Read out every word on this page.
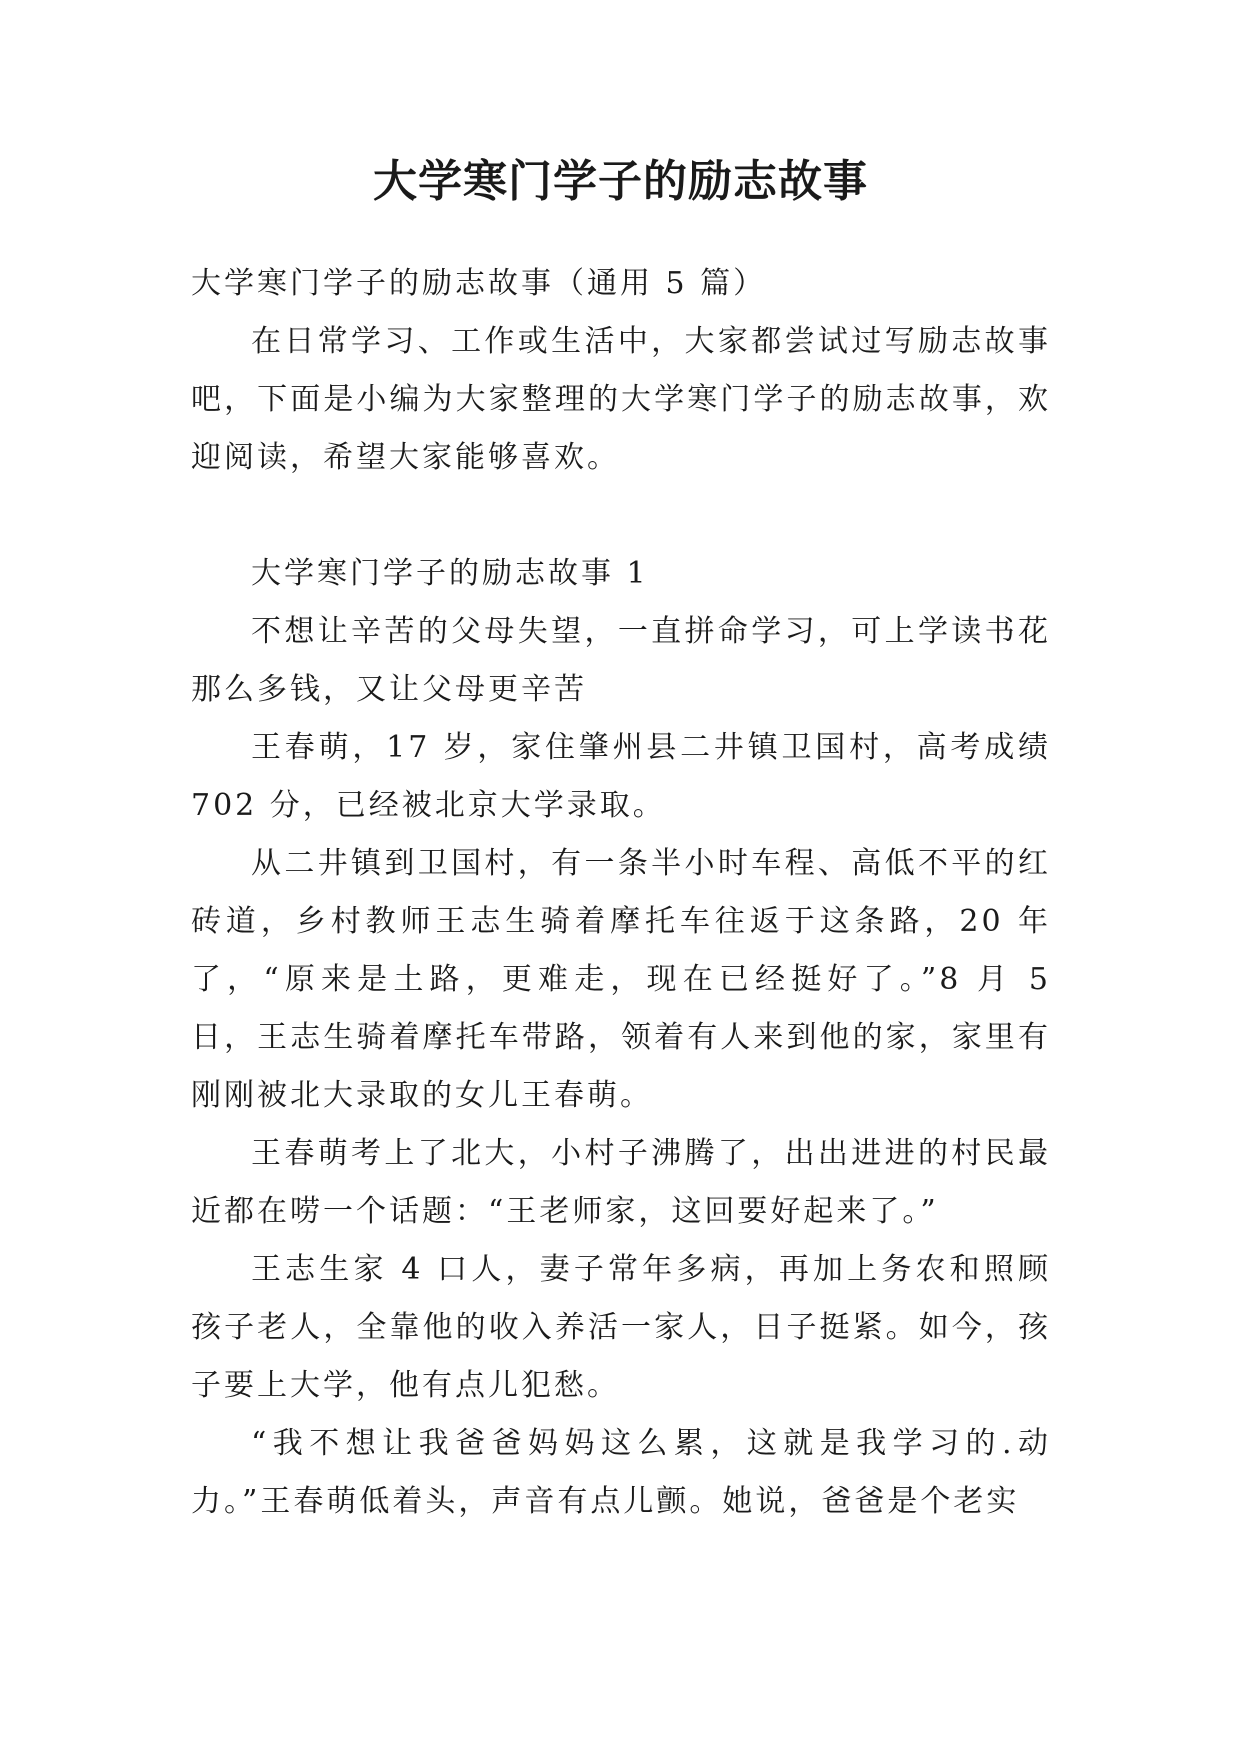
大学寒门学子的励志故事

大学寒门学子的励志故事（通用 5 篇）

在日常学习、工作或生活中，大家都尝试过写励志故事吧，下面是小编为大家整理的大学寒门学子的励志故事，欢迎阅读，希望大家能够喜欢。

大学寒门学子的励志故事 1

不想让辛苦的父母失望，一直拼命学习，可上学读书花那么多钱，又让父母更辛苦

王春萌，17 岁，家住肇州县二井镇卫国村，高考成绩 702 分，已经被北京大学录取。

从二井镇到卫国村，有一条半小时车程、高低不平的红砖道，乡村教师王志生骑着摩托车往返于这条路，20 年了，“原来是土路，更难走，现在已经挺好了。”8 月 5 日，王志生骑着摩托车带路，领着有人来到他的家，家里有刚刚被北大录取的女儿王春萌。

王春萌考上了北大，小村子沸腾了，出出进进的村民最近都在唠一个话题：“王老师家，这回要好起来了。”

王志生家 4 口人，妻子常年多病，再加上务农和照顾孩子老人，全靠他的收入养活一家人，日子挺紧。如今，孩子要上大学，他有点儿犯愁。

“我不想让我爸爸妈妈这么累，这就是我学习的.动力。”王春萌低着头，声音有点儿颤。她说，爸爸是个老实
